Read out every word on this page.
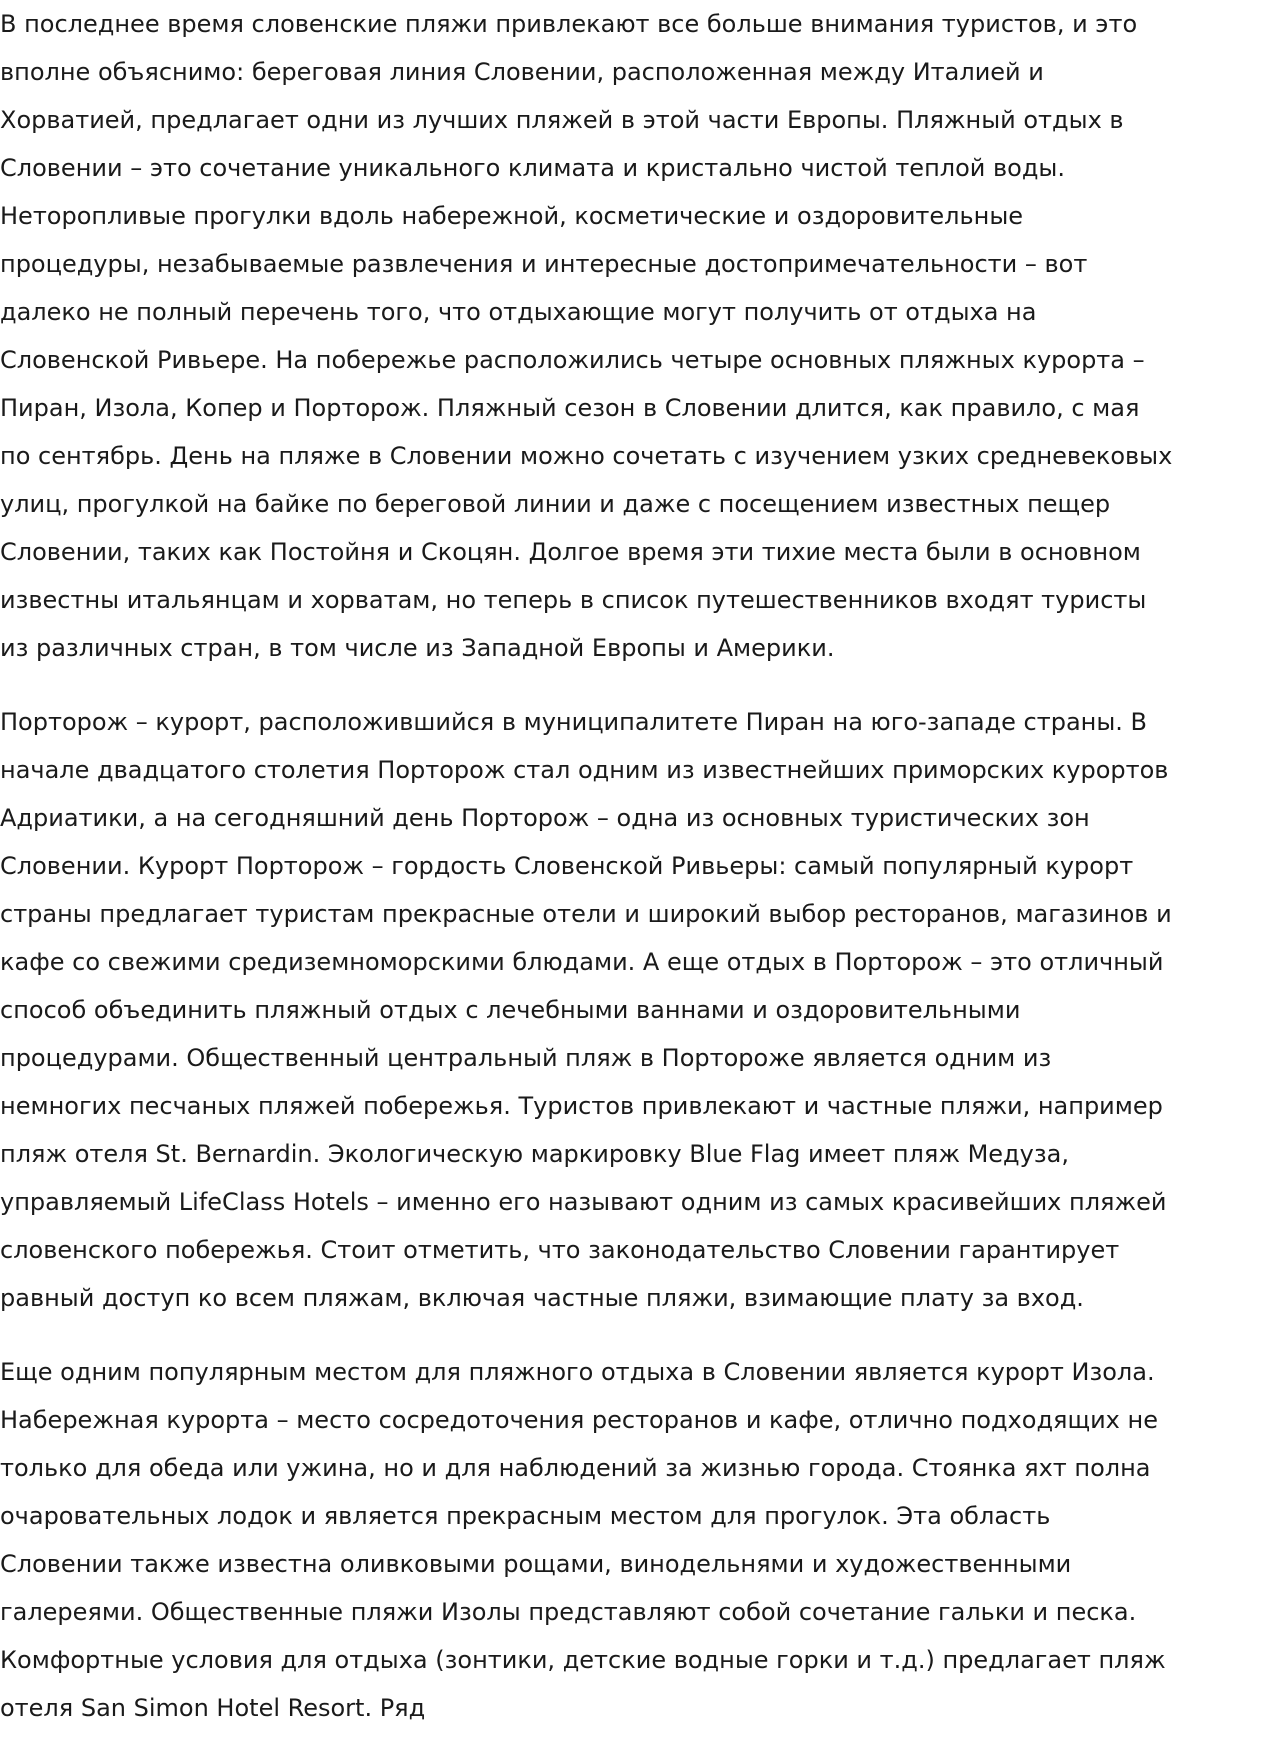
В последнее время словенские пляжи привлекают все больше внимания туристов, и это
вполне объяснимо: береговая линия Словении, расположенная между Италией и
Хорватией, предлагает одни из лучших пляжей в этой части Европы. Пляжный отдых в
Словении – это сочетание уникального климата и кристально чистой теплой воды.
Неторопливые прогулки вдоль набережной, косметические и оздоровительные
процедуры, незабываемые развлечения и интересные достопримечательности – вот
далеко не полный перечень того, что отдыхающие могут получить от отдыха на
Словенской Ривьере. На побережье расположились четыре основных пляжных курорта –
Пиран, Изола, Копер и Порторож. Пляжный сезон в Словении длится, как правило, с мая
по сентябрь. День на пляже в Словении можно сочетать с изучением узких средневековых
улиц, прогулкой на байке по береговой линии и даже с посещением известных пещер
Словении, таких как Постойня и Скоцян. Долгое время эти тихие места были в основном
известны итальянцам и хорватам, но теперь в список путешественников входят туристы
из различных стран, в том числе из Западной Европы и Америки.

Порторож – курорт, расположившийся в муниципалитете Пиран на юго-западе страны. В
начале двадцатого столетия Порторож стал одним из известнейших приморских курортов
Адриатики, а на сегодняшний день Порторож – одна из основных туристических зон
Словении. Курорт Порторож – гордость Словенской Ривьеры: самый популярный курорт
страны предлагает туристам прекрасные отели и широкий выбор ресторанов, магазинов и
кафе со свежими средиземноморскими блюдами. А еще отдых в Порторож – это отличный
способ объединить пляжный отдых с лечебными ваннами и оздоровительными
процедурами. Общественный центральный пляж в Портороже является одним из
немногих песчаных пляжей побережья. Туристов привлекают и частные пляжи, например
пляж отеля St. Bernardin. Экологическую маркировку Blue Flag имеет пляж Медуза,
управляемый LifeClass Hotels – именно его называют одним из самых красивейших пляжей
словенского побережья. Стоит отметить, что законодательство Словении гарантирует
равный доступ ко всем пляжам, включая частные пляжи, взимающие плату за вход.

Еще одним популярным местом для пляжного отдыха в Словении является курорт Изола.
Набережная курорта – место сосредоточения ресторанов и кафе, отлично подходящих не
только для обеда или ужина, но и для наблюдений за жизнью города. Стоянка яхт полна
очаровательных лодок и является прекрасным местом для прогулок. Эта область
Словении также известна оливковыми рощами, винодельнями и художественными
галереями. Общественные пляжи Изолы представляют собой сочетание гальки и песка.
Комфортные условия для отдыха (зонтики, детские водные горки и т.д.) предлагает пляж
отеля San Simon Hotel Resort. Ряд
